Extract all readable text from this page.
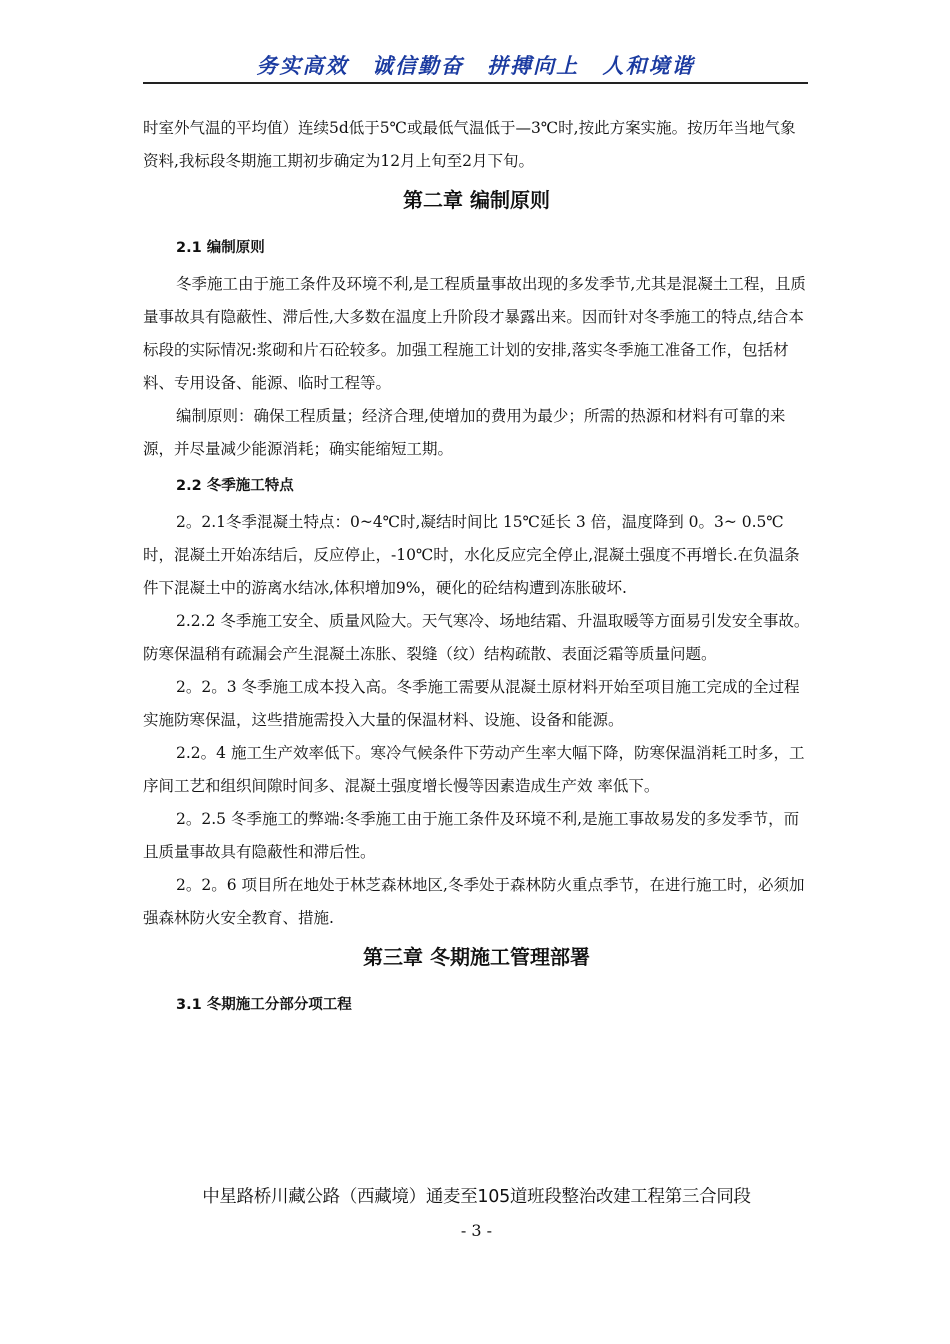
务实高效 诚信勤奋 拼搏向上 人和境谐

时室外气温的平均值）连续5d低于5℃或最低气温低于—3℃时,按此方案实施。按历年当地气象资料,我标段冬期施工期初步确定为12月上旬至2月下旬。

第二章 编制原则
2.1 编制原则

冬季施工由于施工条件及环境不利,是工程质量事故出现的多发季节,尤其是混凝土工程，且质量事故具有隐蔽性、滞后性,大多数在温度上升阶段才暴露出来。因而针对冬季施工的特点,结合本标段的实际情况:浆砌和片石砼较多。加强工程施工计划的安排,落实冬季施工准备工作，包括材料、专用设备、能源、临时工程等。

编制原则：确保工程质量；经济合理,使增加的费用为最少；所需的热源和材料有可靠的来源，并尽量减少能源消耗；确实能缩短工期。

2.2 冬季施工特点

2。2.1冬季混凝土特点：0~4℃时,凝结时间比 15℃延长 3 倍，温度降到 0。3~ 0.5℃时，混凝土开始冻结后，反应停止，-10℃时，水化反应完全停止,混凝土强度不再增长.在负温条件下混凝土中的游离水结冰,体积增加9%，硬化的砼结构遭到冻胀破坏.

2.2.2 冬季施工安全、质量风险大。天气寒冷、场地结霜、升温取暖等方面易引发安全事故。防寒保温稍有疏漏会产生混凝土冻胀、裂缝（纹）结构疏散、表面泛霜等质量问题。

2。2。3 冬季施工成本投入高。冬季施工需要从混凝土原材料开始至项目施工完成的全过程实施防寒保温，这些措施需投入大量的保温材料、设施、设备和能源。

2.2。4 施工生产效率低下。寒冷气候条件下劳动产生率大幅下降，防寒保温消耗工时多，工序间工艺和组织间隙时间多、混凝土强度增长慢等因素造成生产效 率低下。

2。2.5 冬季施工的弊端:冬季施工由于施工条件及环境不利,是施工事故易发的多发季节，而且质量事故具有隐蔽性和滞后性。

2。2。6 项目所在地处于林芝森林地区,冬季处于森林防火重点季节，在进行施工时，必须加强森林防火安全教育、措施.

第三章 冬期施工管理部署
3.1 冬期施工分部分项工程
中星路桥川藏公路（西藏境）通麦至105道班段整治改建工程第三合同段
- 3 -
